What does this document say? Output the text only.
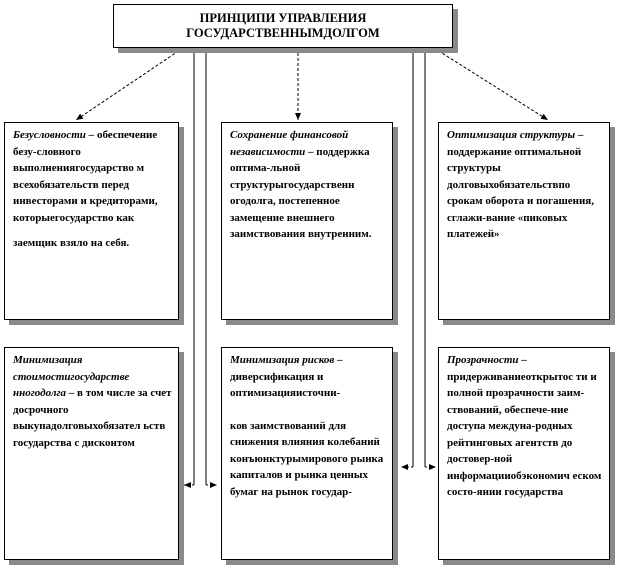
ПРИНЦИПИ УПРАВЛЕНИЯ
ГОСУДАРСТВЕННЫМДОЛГОМ
Безусловности – обеспечение безу-словного выполнениягосударство м всехобязательств перед инвесторами и кредиторами, которыегосударство как

заемщик взяло на себя.

Сохранение финансовой независимости – поддержка оптима-льной структурыгосударственн огодолга, постепенное замещение внешнего заимствования внутренним.
Оптимизация структуры – поддержание оптимальной структуры долговыхобязательствпо срокам оборота и погашения, сглажи-вание «пиковых платежей»
Минимизация стоимостигосударстве нногодолга – в том числе за счет досрочного выкупадолговыхобязател ьств государства с дисконтом
Минимизация рисков – диверсификация и оптимизацияисточни-

ков заимствований для снижения влияния колебаний конъюнктурымирового рынка капиталов и рынка ценных бумаг на рынок государ-

Прозрачности – придерживаниеоткрытос ти и полной прозрачности заим-ствований, обеспече-ние доступа междуна-родных рейтинговых агентств до достовер-ной информацииобэкономич еском состо-янии государства
